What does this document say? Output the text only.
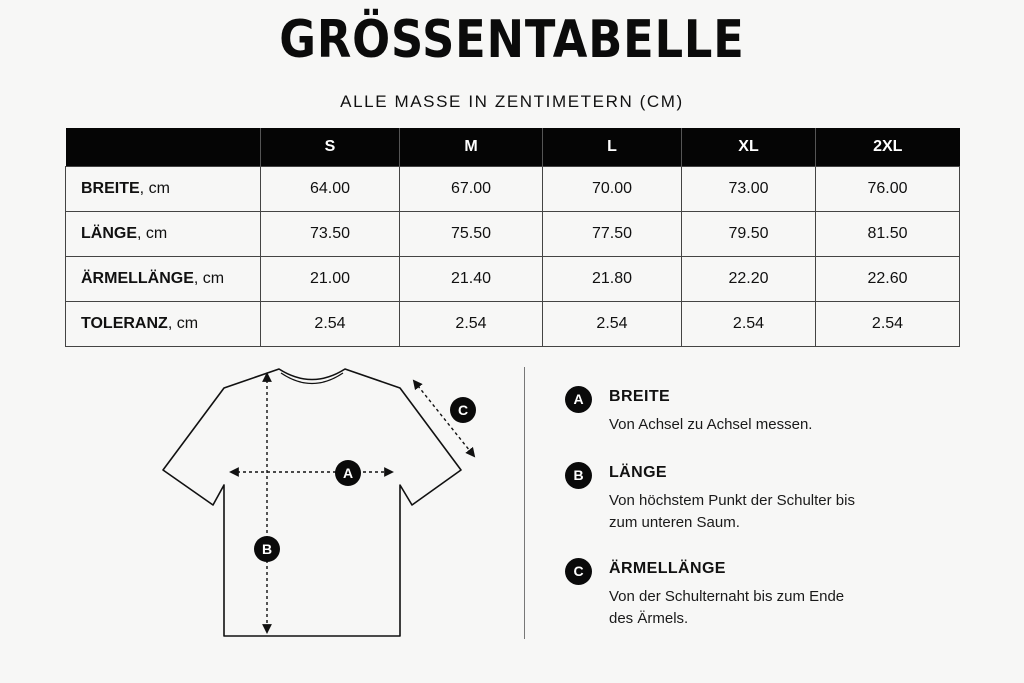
GRÖSSENTABELLE
ALLE MASSE IN ZENTIMETERN (CM)
	S	M	L	XL	2XL
BREITE, cm	64.00	67.00	70.00	73.00	76.00
LÄNGE, cm	73.50	75.50	77.50	79.50	81.50
ÄRMELLÄNGE, cm	21.00	21.40	21.80	22.20	22.60
TOLERANZ, cm	2.54	2.54	2.54	2.54	2.54
A
B
C
A	BREITE
Von Achsel zu Achsel messen.
B	LÄNGE
Von höchstem Punkt der Schulter bis zum unteren Saum.
C	ÄRMELLÄNGE
Von der Schulternaht bis zum Ende des Ärmels.
